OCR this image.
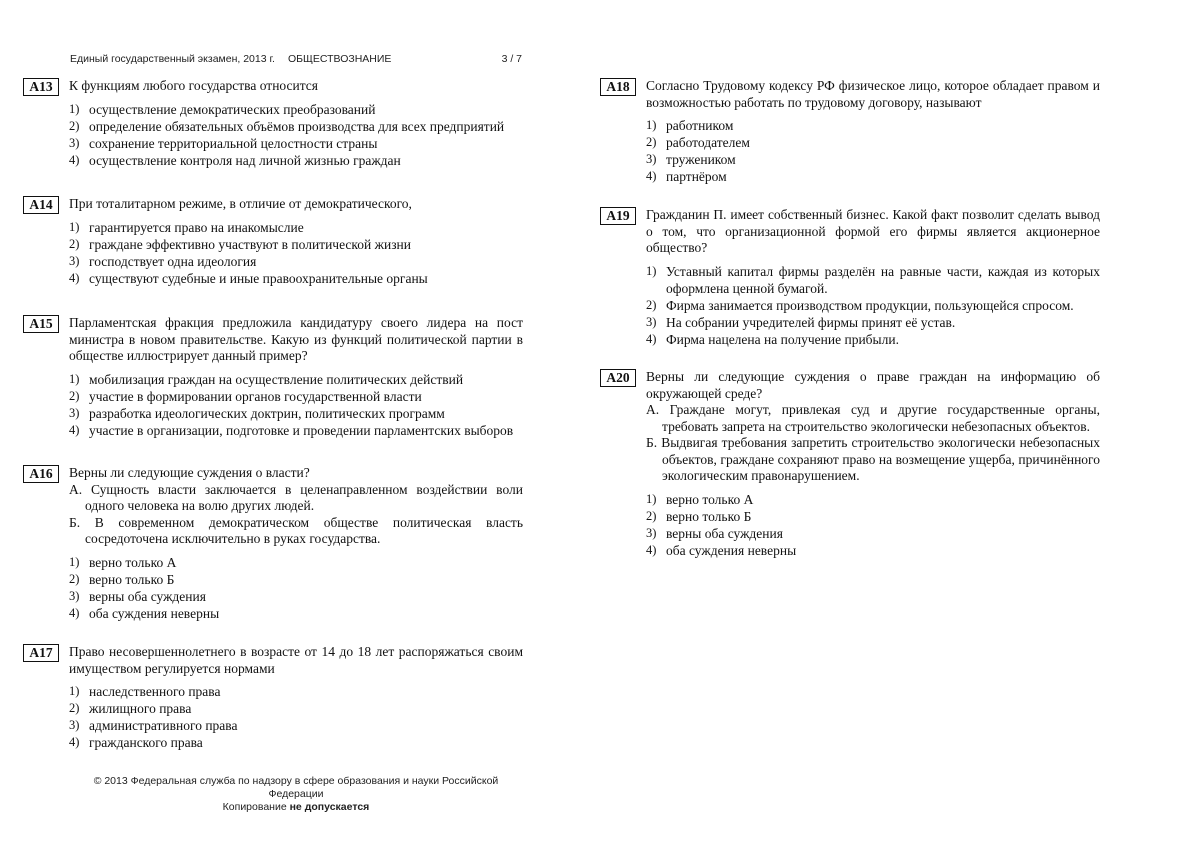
Единый государственный экзамен, 2013 г. ОБЩЕСТВОЗНАНИЕ	3 / 7
A13	К функциям любого государства относится
1) осуществление демократических преобразований
2) определение обязательных объёмов производства для всех предприятий
3) сохранение территориальной целостности страны
4) осуществление контроля над личной жизнью граждан
A14	При тоталитарном режиме, в отличие от демократического,
1) гарантируется право на инакомыслие
2) граждане эффективно участвуют в политической жизни
3) господствует одна идеология
4) существуют судебные и иные правоохранительные органы
A15	Парламентская фракция предложила кандидатуру своего лидера на пост министра в новом правительстве. Какую из функций политической партии в обществе иллюстрирует данный пример?
1) мобилизация граждан на осуществление политических действий
2) участие в формировании органов государственной власти
3) разработка идеологических доктрин, политических программ
4) участие в организации, подготовке и проведении парламентских выборов
A16	Верны ли следующие суждения о власти?
А. Сущность власти заключается в целенаправленном воздействии воли одного человека на волю других людей.
Б. В современном демократическом обществе политическая власть сосредоточена исключительно в руках государства.
1) верно только А
2) верно только Б
3) верны оба суждения
4) оба суждения неверны
A17	Право несовершеннолетнего в возрасте от 14 до 18 лет распоряжаться своим имуществом регулируется нормами
1) наследственного права
2) жилищного права
3) административного права
4) гражданского права
A18	Согласно Трудовому кодексу РФ физическое лицо, которое обладает правом и возможностью работать по трудовому договору, называют
1) работником
2) работодателем
3) тружеником
4) партнёром
A19	Гражданин П. имеет собственный бизнес. Какой факт позволит сделать вывод о том, что организационной формой его фирмы является акционерное общество?
1) Уставный капитал фирмы разделён на равные части, каждая из которых оформлена ценной бумагой.
2) Фирма занимается производством продукции, пользующейся спросом.
3) На собрании учредителей фирмы принят её устав.
4) Фирма нацелена на получение прибыли.
A20	Верны ли следующие суждения о праве граждан на информацию об окружающей среде?
А. Граждане могут, привлекая суд и другие государственные органы, требовать запрета на строительство экологически небезопасных объектов.
Б. Выдвигая требования запретить строительство экологически небезопасных объектов, граждане сохраняют право на возмещение ущерба, причинённого экологическим правонарушением.
1) верно только А
2) верно только Б
3) верны оба суждения
4) оба суждения неверны
© 2013 Федеральная служба по надзору в сфере образования и науки Российской Федерации
Копирование не допускается
